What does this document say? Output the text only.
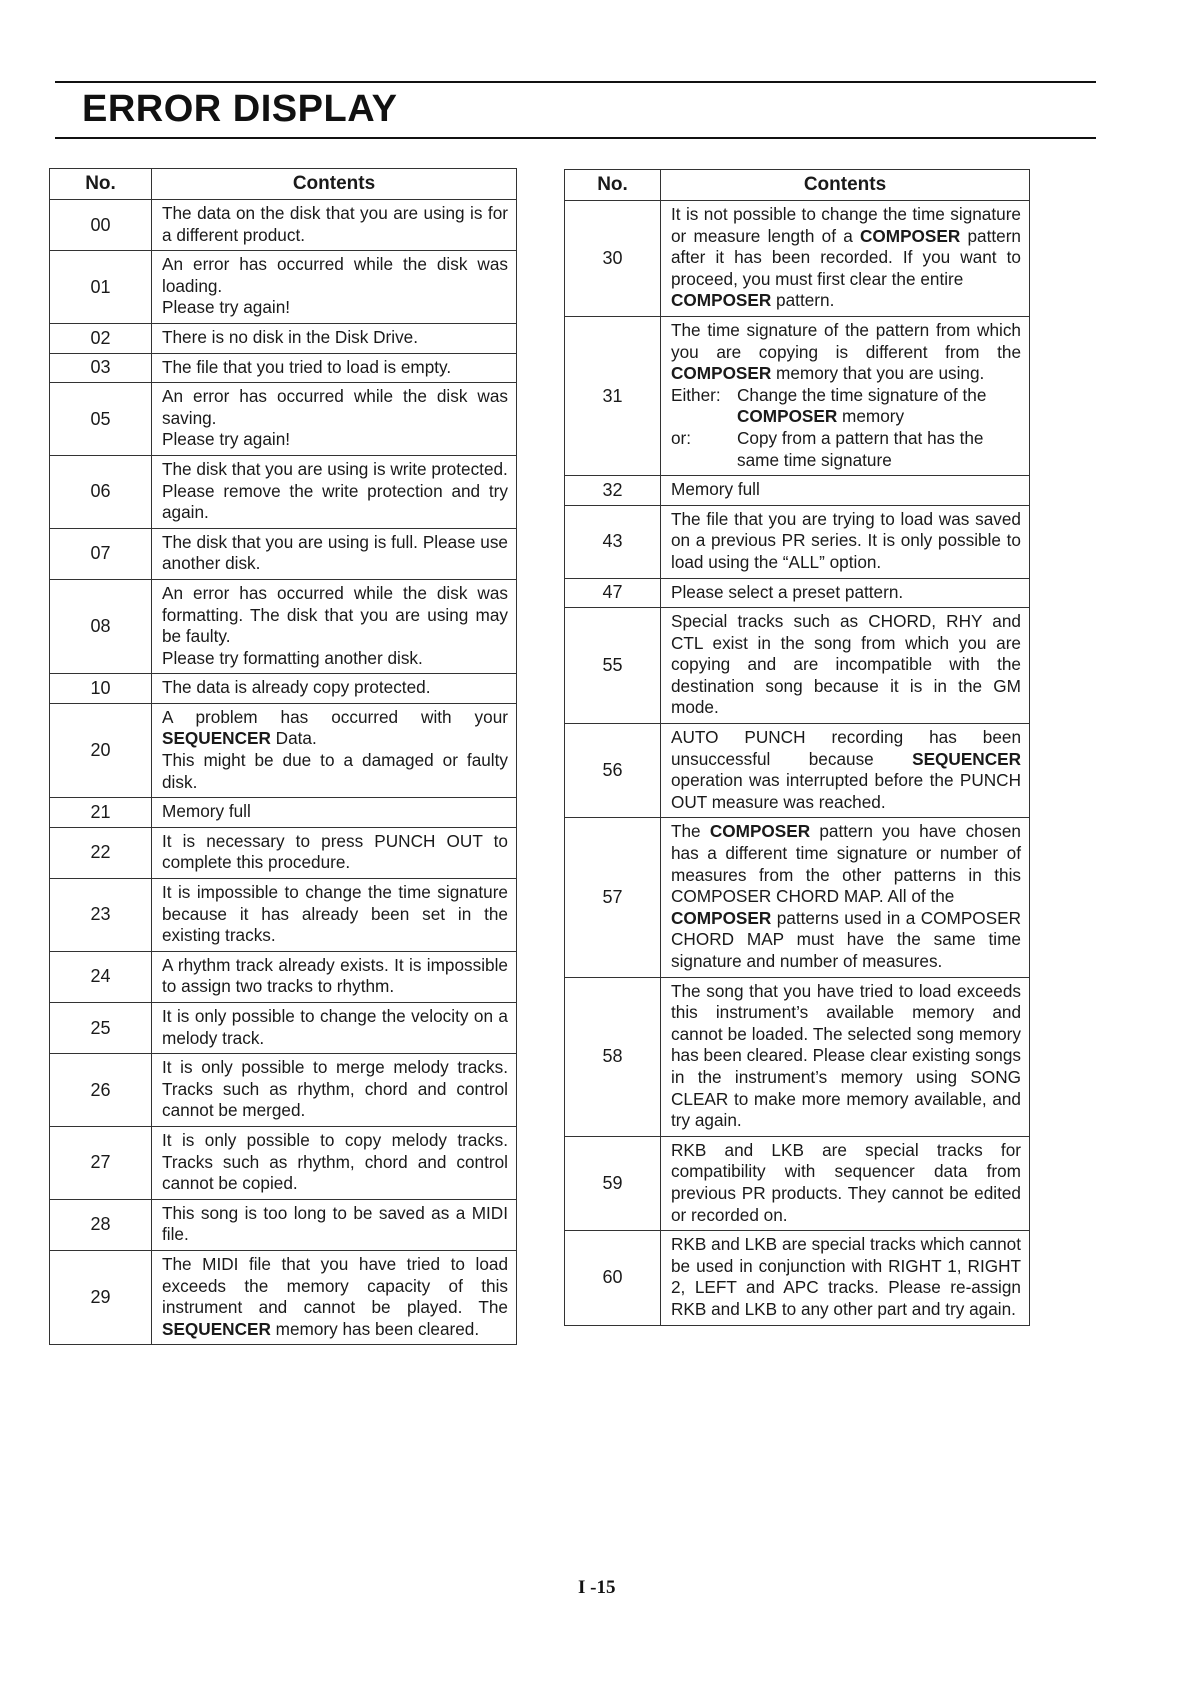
ERROR DISPLAY
No.	Contents
00	The data on the disk that you are using is for a different product.

01	An error has occurred while the disk was loading.
Please try again!

02	There is no disk in the Disk Drive.

03	The file that you tried to load is empty.

05	An error has occurred while the disk was saving.
Please try again!

06	The disk that you are using is write protected.
Please remove the write protection and try again.

07	The disk that you are using is full. Please use another disk.

08	An error has occurred while the disk was formatting. The disk that you are using may be faulty.
Please try formatting another disk.

10	The data is already copy protected.

20	A problem has occurred with your SEQUENCER Data.
This might be due to a damaged or faulty disk.

21	Memory full

22	It is necessary to press PUNCH OUT to complete this procedure.

23	It is impossible to change the time signature because it has already been set in the existing tracks.

24	A rhythm track already exists. It is impossible to assign two tracks to rhythm.

25	It is only possible to change the velocity on a melody track.

26	It is only possible to merge melody tracks. Tracks such as rhythm, chord and control cannot be merged.

27	It is only possible to copy melody tracks. Tracks such as rhythm, chord and control cannot be copied.

28	This song is too long to be saved as a MIDI file.

29	The MIDI file that you have tried to load exceeds the memory capacity of this instrument and cannot be played. The SEQUENCER memory has been cleared.
No.	Contents
30	It is not possible to change the time signature or measure length of a COMPOSER pattern after it has been recorded. If you want to proceed, you must first clear the entire
COMPOSER pattern.

31	The time signature of the pattern from which you are copying is different from the COMPOSER memory that you are using.
Either: Change the time signature of the COMPOSER memory
or: Copy from a pattern that has the same time signature

32	Memory full

43	The file that you are trying to load was saved on a previous PR series. It is only possible to load using the “ALL” option.

47	Please select a preset pattern.

55	Special tracks such as CHORD, RHY and CTL exist in the song from which you are copying and are incompatible with the destination song because it is in the GM mode.

56	AUTO PUNCH recording has been unsuccessful because SEQUENCER operation was interrupted before the PUNCH OUT measure was reached.

57	The COMPOSER pattern you have chosen has a different time signature or number of measures from the other patterns in this COMPOSER CHORD MAP. All of the
COMPOSER patterns used in a COMPOSER CHORD MAP must have the same time signature and number of measures.

58	The song that you have tried to load exceeds this instrument’s available memory and cannot be loaded. The selected song memory has been cleared. Please clear existing songs in the instrument’s memory using SONG CLEAR to make more memory available, and try again.

59	RKB and LKB are special tracks for compatibility with sequencer data from previous PR products. They cannot be edited or recorded on.

60	RKB and LKB are special tracks which cannot be used in conjunction with RIGHT 1, RIGHT 2, LEFT and APC tracks. Please re-assign RKB and LKB to any other part and try again.
I -15
